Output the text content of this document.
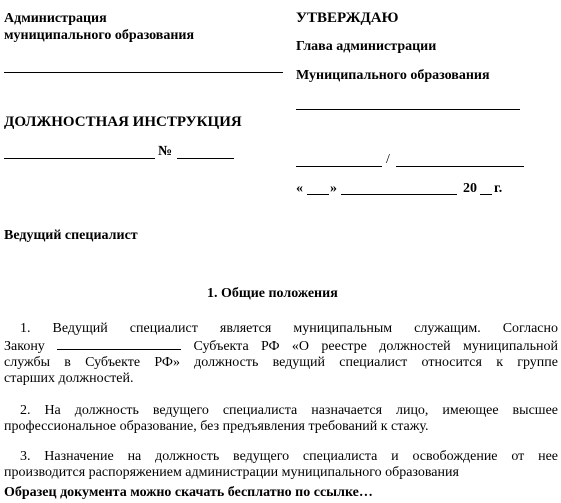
Администрация
муниципального образования
УТВЕРЖДАЮ
Глава администрации
Муниципального образования
/
« »	20 г.
ДОЛЖНОСТНАЯ ИНСТРУКЦИЯ
№
Ведущий специалист
1. Общие положения
1. Ведущий специалист является муниципальным служащим. Согласно
Закону	Субъекта РФ «О реестре должностей муниципальной
службы в Субъекте РФ» должность ведущий специалист относится к группе
старших должностей.
2. На должность ведущего специалиста назначается лицо, имеющее высшее
профессиональное образование, без предъявления требований к стажу.
3. Назначение на должность ведущего специалиста и освобождение от нее
производится распоряжением администрации муниципального образования
Образец документа можно скачать бесплатно по ссылке…
